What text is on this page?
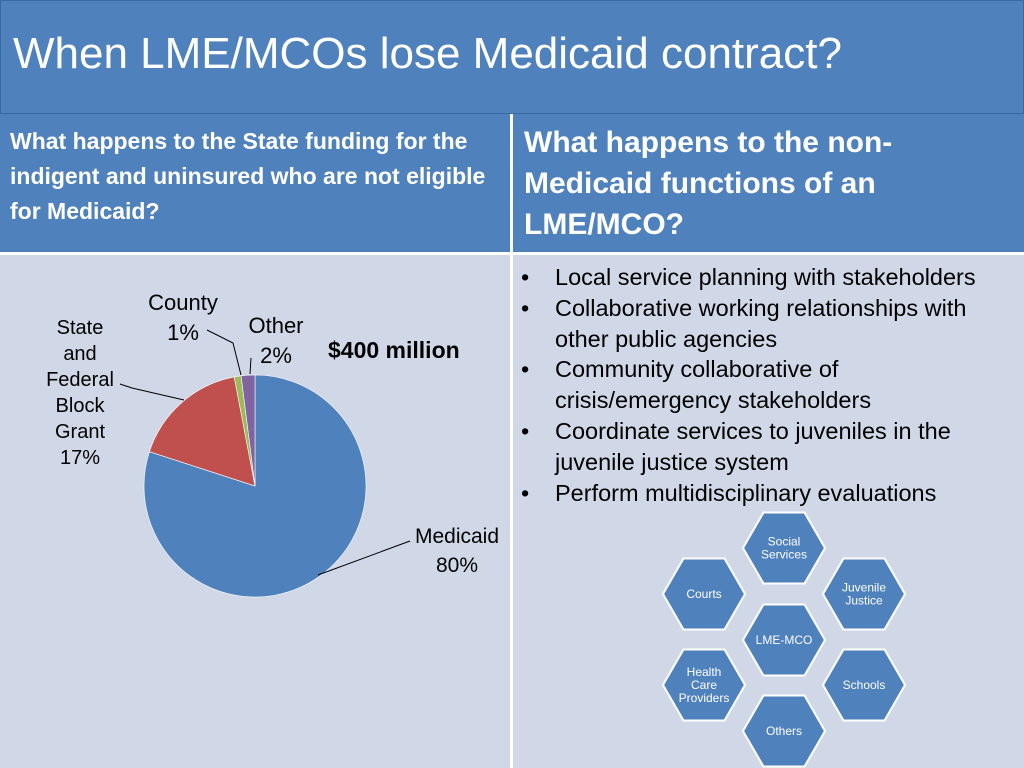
When LME/MCOs lose Medicaid contract?
What happens to the State funding for the indigent and uninsured who are not eligible for Medicaid?
What happens to the non-Medicaid functions of an LME/MCO?
State
and
Federal
Block
Grant
17%
County
1%	Other
2%
Medicaid
80%
$400 million
• Local service planning with stakeholders
• Collaborative working relationships with other public agencies
• Community collaborative of crisis/emergency stakeholders
• Coordinate services to juveniles in the juvenile justice system
• Perform multidisciplinary evaluations
LME-MCO
Social
Services
Juvenile
Justice
Schools
Others
Health
Care
Providers
Courts
